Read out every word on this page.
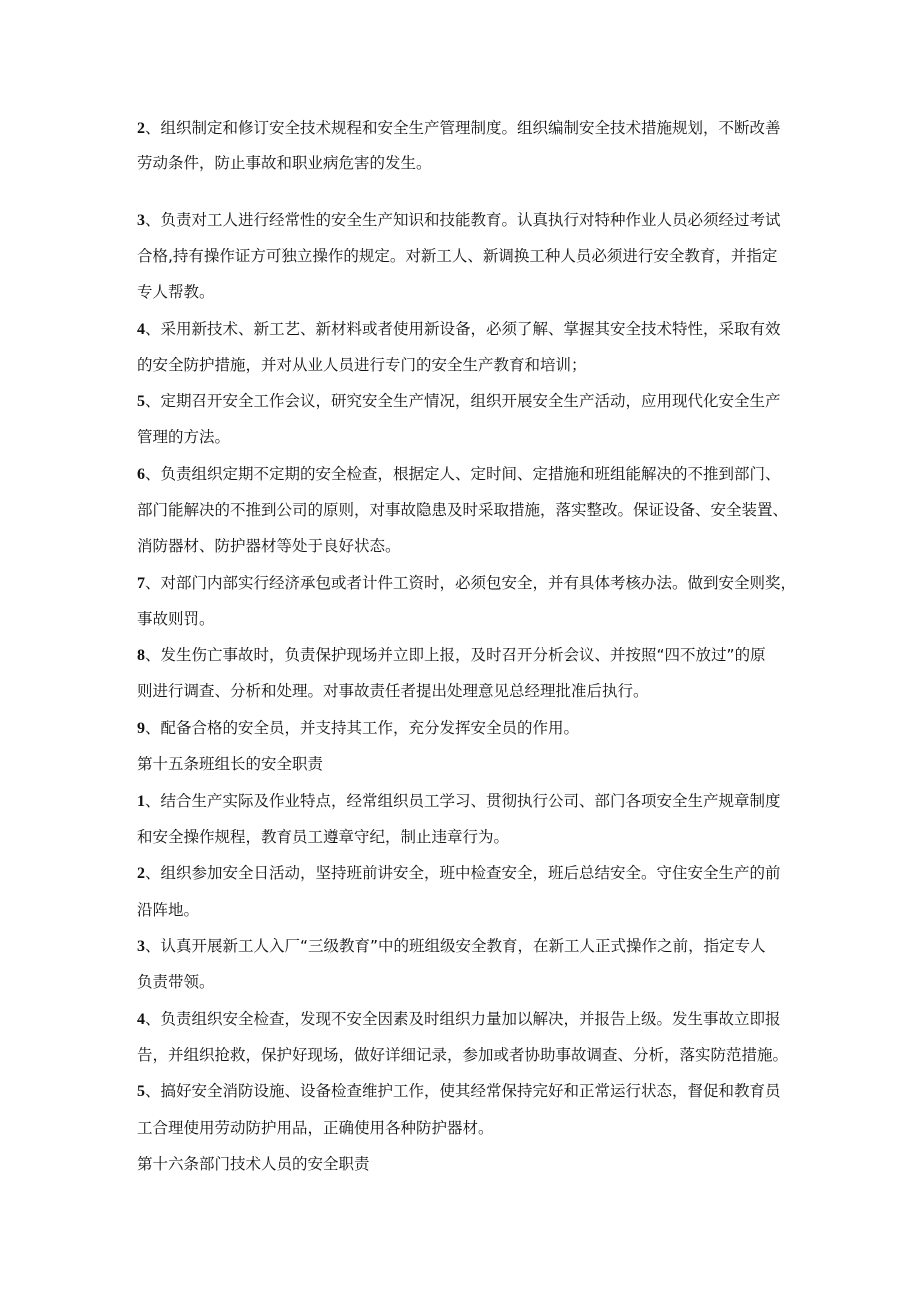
2、组织制定和修订安全技术规程和安全生产管理制度。组织编制安全技术措施规划，不断改善
劳动条件，防止事故和职业病危害的发生。
3、负责对工人进行经常性的安全生产知识和技能教育。认真执行对特种作业人员必须经过考试
合格,持有操作证方可独立操作的规定。对新工人、新调换工种人员必须进行安全教育，并指定
专人帮教。
4、采用新技术、新工艺、新材料或者使用新设备，必须了解、掌握其安全技术特性，采取有效
的安全防护措施，并对从业人员进行专门的安全生产教育和培训；
5、定期召开安全工作会议，研究安全生产情况，组织开展安全生产活动，应用现代化安全生产
管理的方法。
6、负责组织定期不定期的安全检查，根据定人、定时间、定措施和班组能解决的不推到部门、
部门能解决的不推到公司的原则，对事故隐患及时采取措施，落实整改。保证设备、安全装置、
消防器材、防护器材等处于良好状态。
7、对部门内部实行经济承包或者计件工资时，必须包安全，并有具体考核办法。做到安全则奖，
事故则罚。
8、发生伤亡事故时，负责保护现场并立即上报，及时召开分析会议、并按照“四不放过”的原
则进行调查、分析和处理。对事故责任者提出处理意见总经理批准后执行。
9、配备合格的安全员，并支持其工作，充分发挥安全员的作用。
第十五条班组长的安全职责
1、结合生产实际及作业特点，经常组织员工学习、贯彻执行公司、部门各项安全生产规章制度
和安全操作规程，教育员工遵章守纪，制止违章行为。
2、组织参加安全日活动，坚持班前讲安全，班中检查安全，班后总结安全。守住安全生产的前
沿阵地。
3、认真开展新工人入厂“三级教育”中的班组级安全教育，在新工人正式操作之前，指定专人
负责带领。
4、负责组织安全检查，发现不安全因素及时组织力量加以解决，并报告上级。发生事故立即报
告，并组织抢救，保护好现场，做好详细记录，参加或者协助事故调查、分析，落实防范措施。
5、搞好安全消防设施、设备检查维护工作，使其经常保持完好和正常运行状态，督促和教育员
工合理使用劳动防护用品，正确使用各种防护器材。
第十六条部门技术人员的安全职责
